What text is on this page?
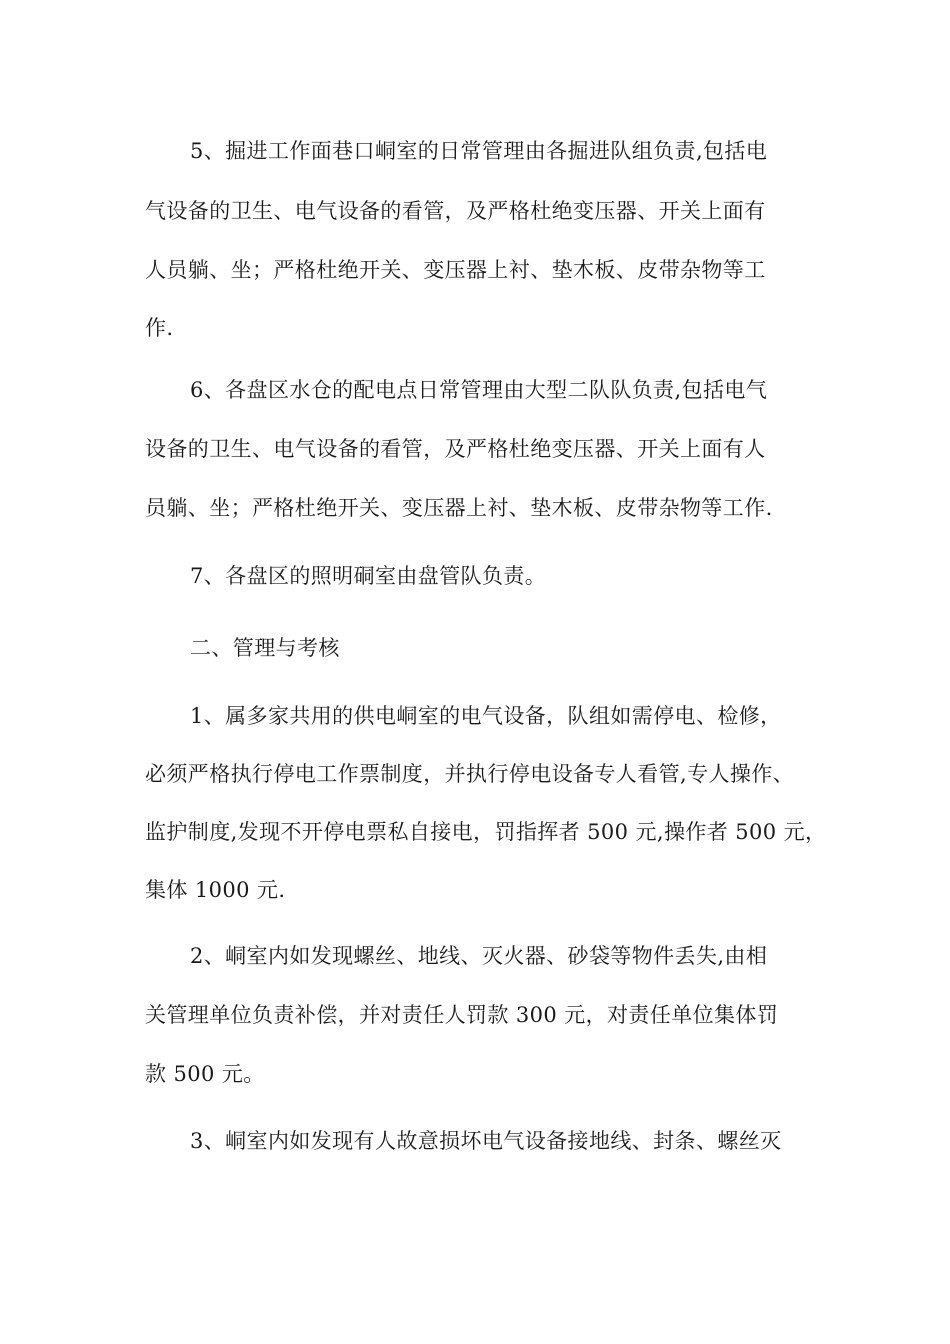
5、掘进工作面巷口峒室的日常管理由各掘进队组负责,包括电
气设备的卫生、电气设备的看管，及严格杜绝变压器、开关上面有
人员躺、坐；严格杜绝开关、变压器上衬、垫木板、皮带杂物等工
作.
6、各盘区水仓的配电点日常管理由大型二队队负责,包括电气
设备的卫生、电气设备的看管，及严格杜绝变压器、开关上面有人
员躺、坐；严格杜绝开关、变压器上衬、垫木板、皮带杂物等工作.
7、各盘区的照明硐室由盘管队负责。
二、管理与考核
1、属多家共用的供电峒室的电气设备，队组如需停电、检修，
必须严格执行停电工作票制度，并执行停电设备专人看管,专人操作、
监护制度,发现不开停电票私自接电，罚指挥者 500 元,操作者 500 元，
集体 1000 元.
2、峒室内如发现螺丝、地线、灭火器、砂袋等物件丢失,由相
关管理单位负责补偿，并对责任人罚款 300 元，对责任单位集体罚
款 500 元。
3、峒室内如发现有人故意损坏电气设备接地线、封条、螺丝灭
